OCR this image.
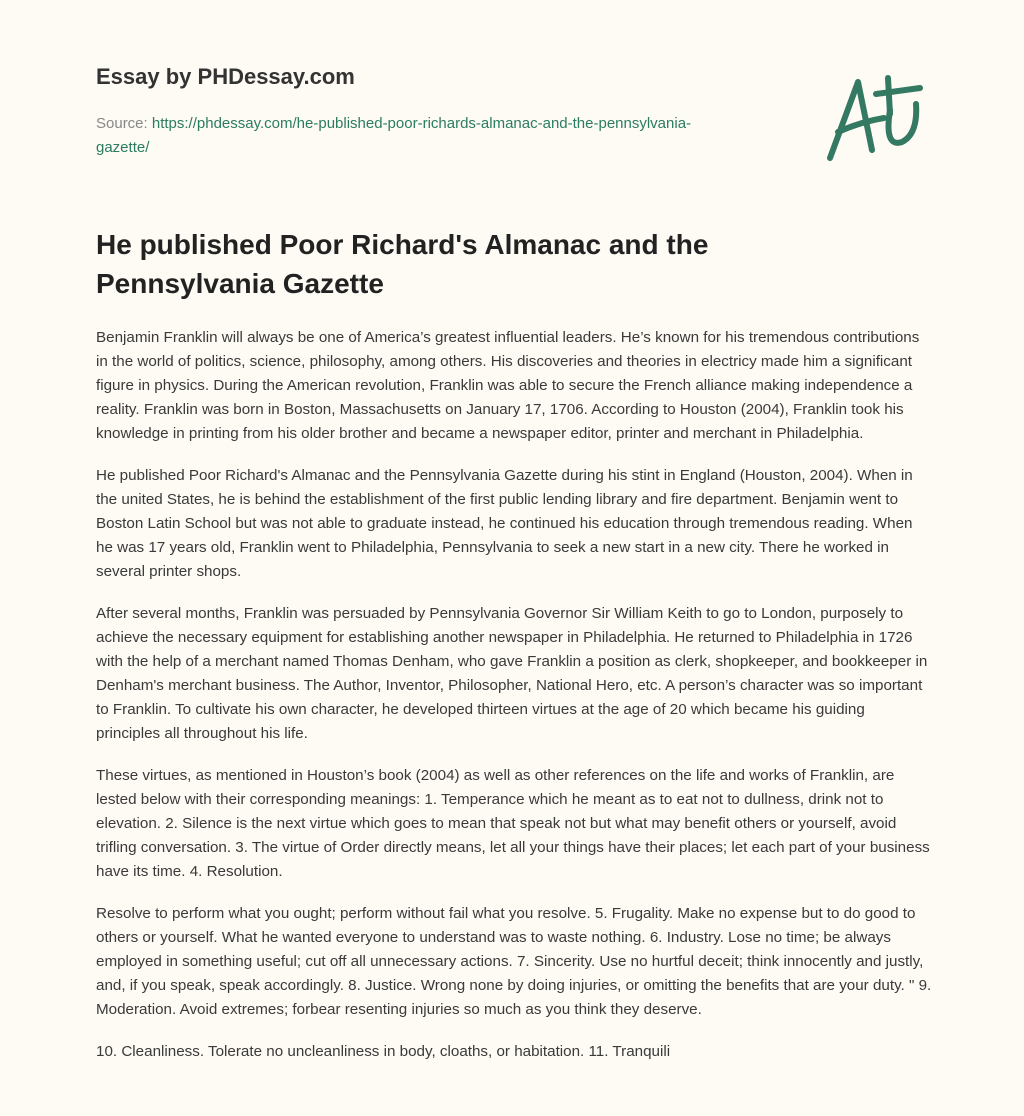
Essay by PHDessay.com
Source: https://phdessay.com/he-published-poor-richards-almanac-and-the-pennsylvania-gazette/
He published Poor Richard's Almanac and the Pennsylvania Gazette

Benjamin Franklin will always be one of America’s greatest influential leaders. He’s known for his tremendous contributions in the world of politics, science, philosophy, among others. His discoveries and theories in electricy made him a significant figure in physics. During the American revolution, Franklin was able to secure the French alliance making independence a reality. Franklin was born in Boston, Massachusetts on January 17, 1706. According to Houston (2004), Franklin took his knowledge in printing from his older brother and became a newspaper editor, printer and merchant in Philadelphia.

He published Poor Richard's Almanac and the Pennsylvania Gazette during his stint in England (Houston, 2004). When in the united States, he is behind the establishment of the first public lending library and fire department. Benjamin went to Boston Latin School but was not able to graduate instead, he continued his education through tremendous reading. When he was 17 years old, Franklin went to Philadelphia, Pennsylvania to seek a new start in a new city. There he worked in several printer shops.

After several months, Franklin was persuaded by Pennsylvania Governor Sir William Keith to go to London, purposely to achieve the necessary equipment for establishing another newspaper in Philadelphia. He returned to Philadelphia in 1726 with the help of a merchant named Thomas Denham, who gave Franklin a position as clerk, shopkeeper, and bookkeeper in Denham's merchant business. The Author, Inventor, Philosopher, National Hero, etc. A person’s character was so important to Franklin. To cultivate his own character, he developed thirteen virtues at the age of 20 which became his guiding principles all throughout his life.

These virtues, as mentioned in Houston’s book (2004) as well as other references on the life and works of Franklin, are lested below with their corresponding meanings: 1. Temperance which he meant as to eat not to dullness, drink not to elevation. 2. Silence is the next virtue which goes to mean that speak not but what may benefit others or yourself, avoid trifling conversation. 3. The virtue of Order directly means, let all your things have their places; let each part of your business have its time. 4. Resolution.

Resolve to perform what you ought; perform without fail what you resolve. 5. Frugality. Make no expense but to do good to others or yourself. What he wanted everyone to understand was to waste nothing. 6. Industry. Lose no time; be always employed in something useful; cut off all unnecessary actions. 7. Sincerity. Use no hurtful deceit; think innocently and justly, and, if you speak, speak accordingly. 8. Justice. Wrong none by doing injuries, or omitting the benefits that are your duty. " 9. Moderation. Avoid extremes; forbear resenting injuries so much as you think they deserve.

10. Cleanliness. Tolerate no uncleanliness in body, cloaths, or habitation. 11. Tranquili
